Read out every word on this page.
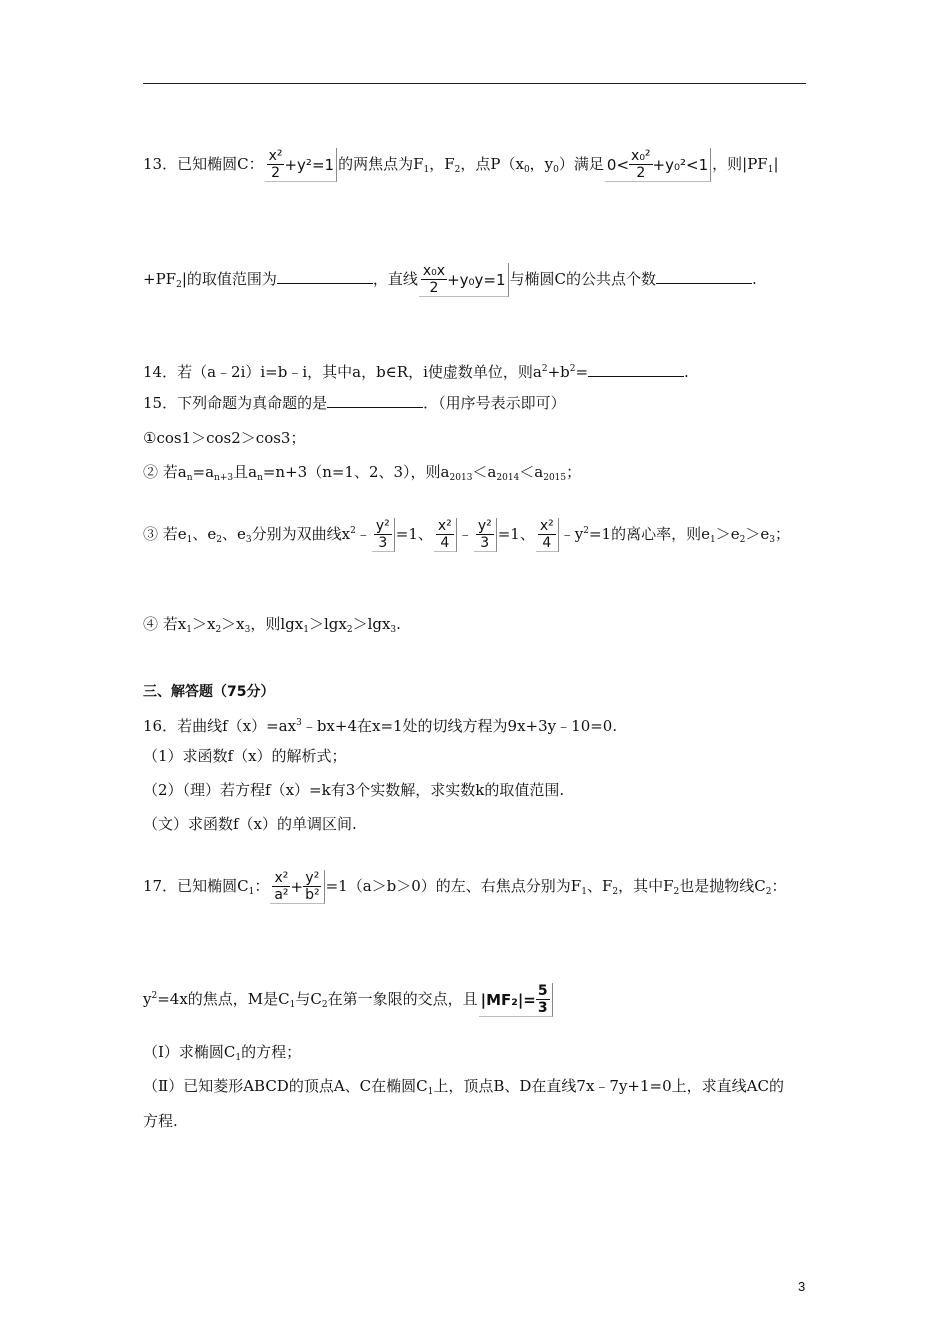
13．已知椭圆C： $\frac{\text{x²}}{2} +y^2=1$ 的两焦点为$F_1$，$F_2$，点$P(x_0$，$y_0$）满足 $0< \frac{\text{x₀²}}{2} +y_0^2<1$ ，则$|PF_1|$
$+PF_2|$的取值范围为	，直线 $\frac{\text{x₀x}}{2} +y_0y=1$ 与椭圆C的公共点个数	.
14．若（a﹣2i）i=b﹣i，其中a，b∈R，i使虚数单位，则$a^2+b^2=$	.
15．下列命题为真命题的是	．（用序号表示即可）
①cos1＞cos2＞cos3；
② 若$a_n=a_{n+3}$且$a_n=n+3(n=1$、2、3），则$a_{2013}<a_{2014}<a_{2015}$；
③ 若$e_1$、$e_2$、$e_3$分别为双曲线$x^2﹣ \frac{\text{y²}}{3} =1$、 $\frac{\text{x²}}{4}$ ﹣ $\frac{\text{y²}}{3} =1$、 $\frac{\text{x²}}{4}$ $﹣y^2=1$的离心率，则$e_1>e_2>e_3$；
④ 若$x_1>x_2>x_3$，则lgx$_1$＞lgx$_2$＞lgx$_3$.
三、解答题（75分）
16．若曲线$f(x)=ax^3﹣bx+4$在x=1处的切线方程为9x+3y﹣10=0.
（1）求函数f（x）的解析式；
（2）（理）若方程f（x）=k有3个实数解，求实数k的取值范围.
（文）求函数f（x）的单调区间.
17．已知椭圆$C_1$： $\frac{\text{x²}}{\text{a²}} + \frac{\text{y²}}{\text{b²}} =1(a>b>0)$的左、右焦点分别为$F_1$、$F_2$，其中$F_2$也是抛物线$C_2$：
$y^2=4x$的焦点，M是$C_1$与$C_2$在第一象限的交点，且 $|MF_2|= \frac{5}{3}$
（Ⅰ）求椭圆$C_1$的方程；
（Ⅱ）已知菱形ABCD的顶点A、C在椭圆$C_1$上，顶点B、D在直线7x﹣7y+1=0上，求直线AC的
方程.
3
